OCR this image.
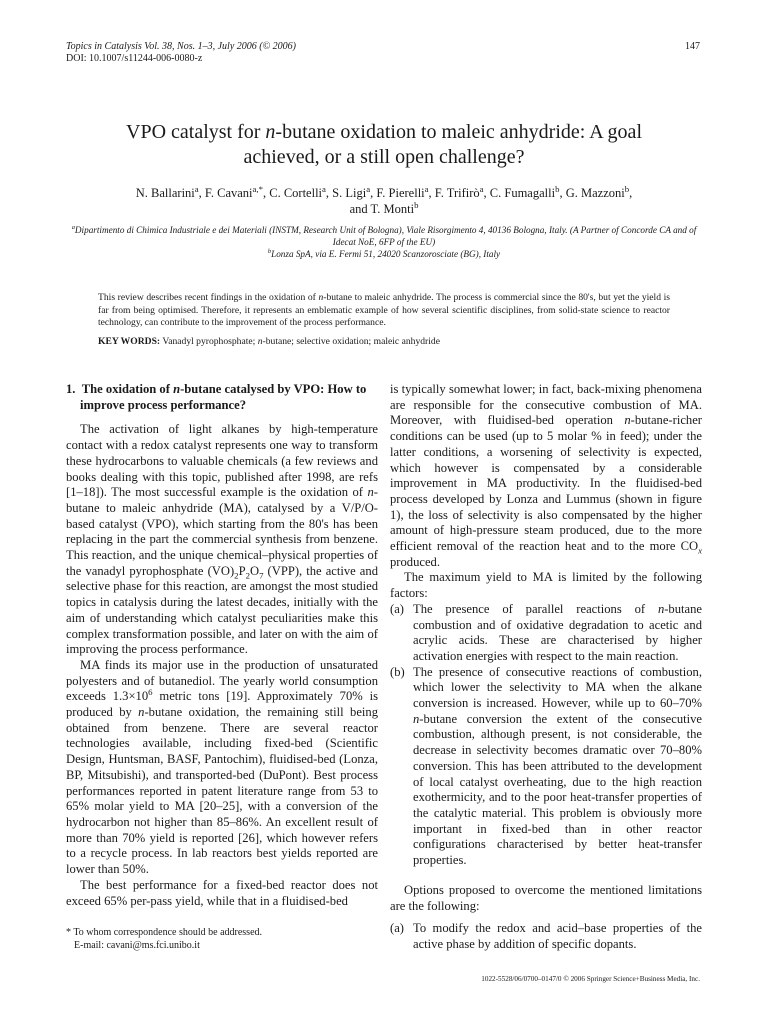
Topics in Catalysis Vol. 38, Nos. 1–3, July 2006 (© 2006)
DOI: 10.1007/s11244-006-0080-z
147
VPO catalyst for n-butane oxidation to maleic anhydride: A goal
achieved, or a still open challenge?
N. Ballarini$^a$, F. Cavani$^{a,*}$, C. Cortelli$^a$, S. Ligi$^a$, F. Pierelli$^a$, F. Trifirò$^a$, C. Fumagalli$^b$, G. Mazzoni$^b$,
and T. Monti$^b$
$^a$Dipartimento di Chimica Industriale e dei Materiali (INSTM, Research Unit of Bologna), Viale Risorgimento 4, 40136 Bologna, Italy. (A Partner of Concorde CA and of Idecat NoE, 6FP of the EU)
$^b$Lonza SpA, via E. Fermi 51, 24020 Scanzorosciate (BG), Italy
This review describes recent findings in the oxidation of n-butane to maleic anhydride. The process is commercial since the 80's, but yet the yield is far from being optimised. Therefore, it represents an emblematic example of how several scientific disciplines, from solid-state science to reactor technology, can contribute to the improvement of the process performance.
KEY WORDS: Vanadyl pyrophosphate; n-butane; selective oxidation; maleic anhydride
1. The oxidation of n-butane catalysed by VPO: How to improve process performance?

The activation of light alkanes by high-temperature contact with a redox catalyst represents one way to transform these hydrocarbons to valuable chemicals (a few reviews and books dealing with this topic, published after 1998, are refs [1–18]). The most successful example is the oxidation of n-butane to maleic anhydride (MA), catalysed by a V/P/O-based catalyst (VPO), which starting from the 80's has been replacing in the part the commercial synthesis from benzene. This reaction, and the unique chemical–physical properties of the vanadyl pyrophosphate $(VO)_2P_2O_7$ (VPP), the active and selective phase for this reaction, are amongst the most studied topics in catalysis during the latest decades, initially with the aim of understanding which catalyst peculiarities make this complex transformation possible, and later on with the aim of improving the process performance.

MA finds its major use in the production of unsaturated polyesters and of butanediol. The yearly world consumption exceeds $1.3\times 10^6$ metric tons [19]. Approximately 70% is produced by n-butane oxidation, the remaining still being obtained from benzene. There are several reactor technologies available, including fixed-bed (Scientific Design, Huntsman, BASF, Pantochim), fluidised-bed (Lonza, BP, Mitsubishi), and transported-bed (DuPont). Best process performances reported in patent literature range from 53 to 65% molar yield to MA [20–25], with a conversion of the hydrocarbon not higher than 85–86%. An excellent result of more than 70% yield is reported [26], which however refers to a recycle process. In lab reactors best yields reported are lower than 50%.

The best performance for a fixed-bed reactor does not exceed 65% per-pass yield, while that in a fluidised-bed

is typically somewhat lower; in fact, back-mixing phenomena are responsible for the consecutive combustion of MA. Moreover, with fluidised-bed operation n-butane-richer conditions can be used (up to 5 molar % in feed); under the latter conditions, a worsening of selectivity is expected, which however is compensated by a considerable improvement in MA productivity. In the fluidised-bed process developed by Lonza and Lummus (shown in figure 1), the loss of selectivity is also compensated by the higher amount of high-pressure steam produced, due to the more efficient removal of the reaction heat and to the more $CO_x$ produced.

The maximum yield to MA is limited by the following factors:

(a) The presence of parallel reactions of n-butane combustion and of oxidative degradation to acetic and acrylic acids. These are characterised by higher activation energies with respect to the main reaction.
(b) The presence of consecutive reactions of combustion, which lower the selectivity to MA when the alkane conversion is increased. However, while up to 60–70% n-butane conversion the extent of the consecutive combustion, although present, is not considerable, the decrease in selectivity becomes dramatic over 70–80% conversion. This has been attributed to the development of local catalyst overheating, due to the high reaction exothermicity, and to the poor heat-transfer properties of the catalytic material. This problem is obviously more important in fixed-bed than in other reactor configurations characterised by better heat-transfer properties.

Options proposed to overcome the mentioned limitations are the following:

(a) To modify the redox and acid–base properties of the active phase by addition of specific dopants.
* To whom correspondence should be addressed.
E-mail: cavani@ms.fci.unibo.it
1022-5528/06/0700–0147/0 © 2006 Springer Science+Business Media, Inc.
